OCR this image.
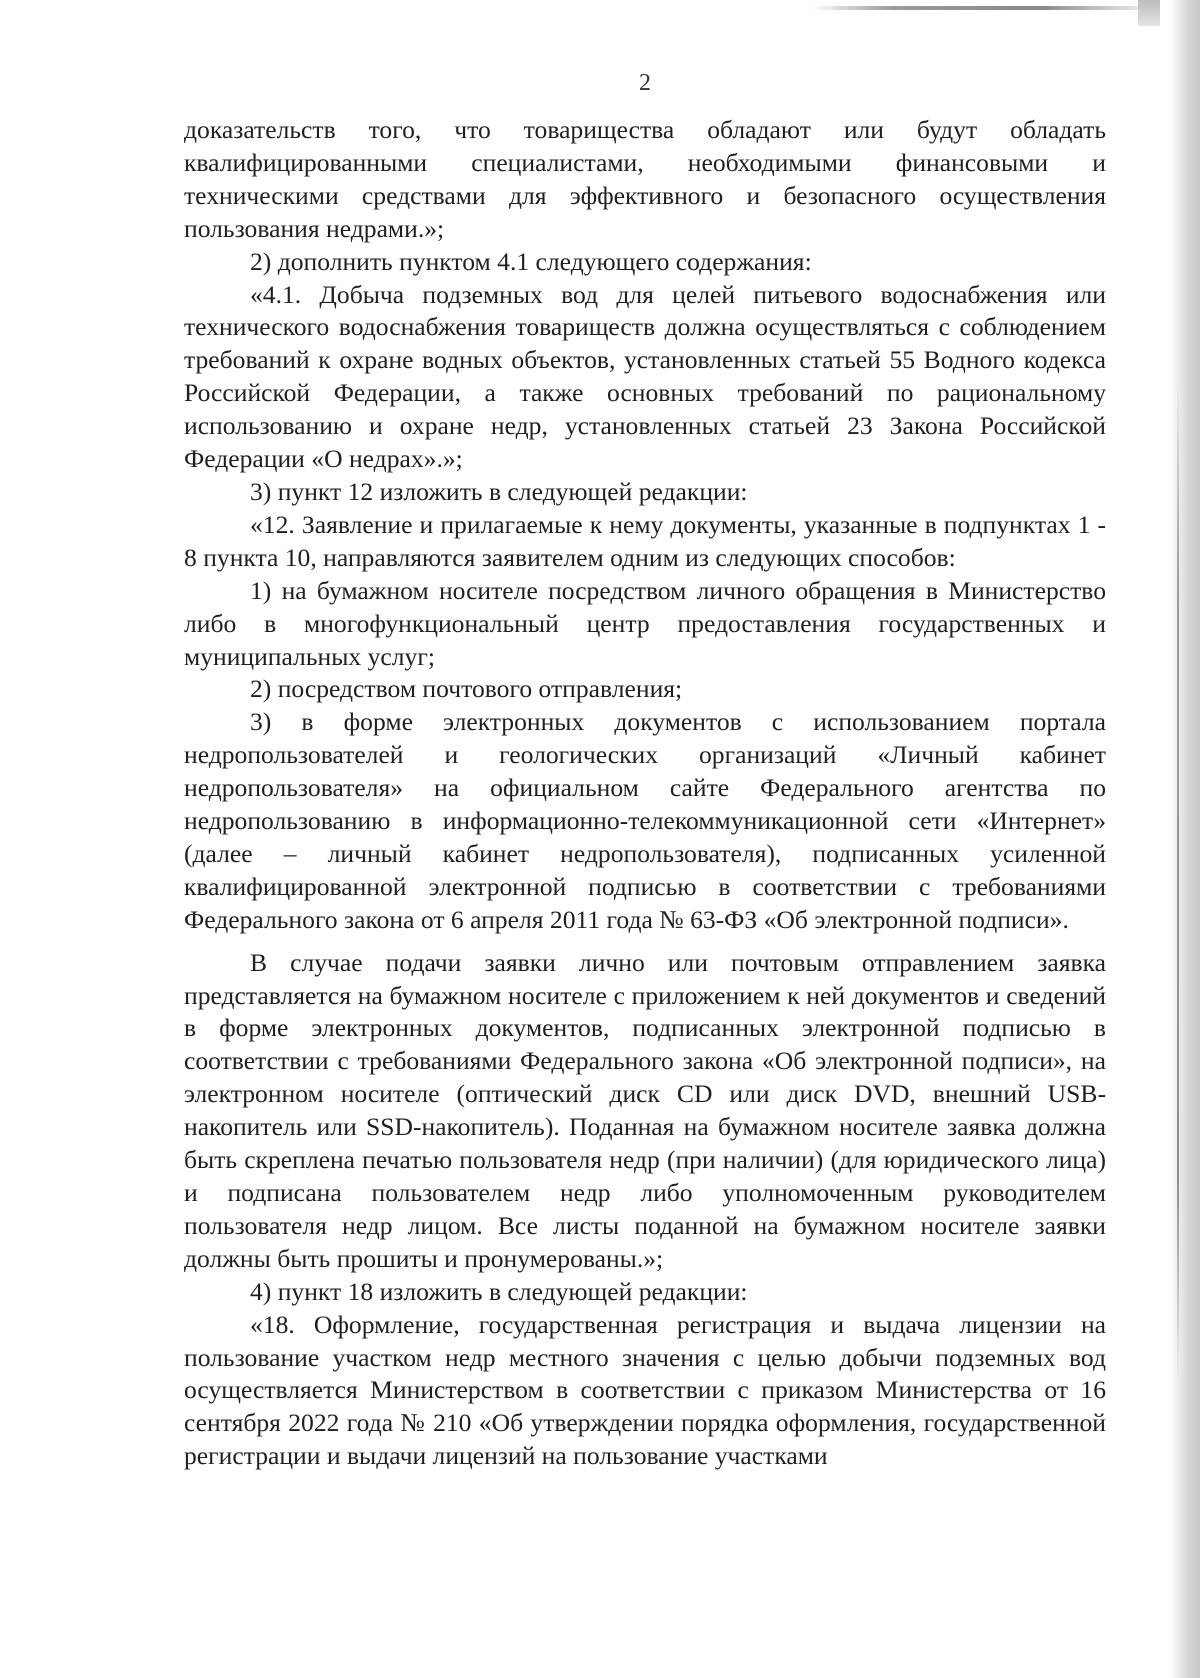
2

доказательств того, что товарищества обладают или будут обладать квалифицированными специалистами, необходимыми финансовыми и техническими средствами для эффективного и безопасного осуществления пользования недрами.»;

2) дополнить пунктом 4.1 следующего содержания:

«4.1. Добыча подземных вод для целей питьевого водоснабжения или технического водоснабжения товариществ должна осуществляться с соблюдением требований к охране водных объектов, установленных статьей 55 Водного кодекса Российской Федерации, а также основных требований по рациональному использованию и охране недр, установленных статьей 23 Закона Российской Федерации «О недрах».»;

3) пункт 12 изложить в следующей редакции:

«12. Заявление и прилагаемые к нему документы, указанные в подпунктах 1 - 8 пункта 10, направляются заявителем одним из следующих способов:

1) на бумажном носителе посредством личного обращения в Министерство либо в многофункциональный центр предоставления государственных и муниципальных услуг;

2) посредством почтового отправления;

3) в форме электронных документов с использованием портала недропользователей и геологических организаций «Личный кабинет недропользователя» на официальном сайте Федерального агентства по недропользованию в информационно-телекоммуникационной сети «Интернет» (далее – личный кабинет недропользователя), подписанных усиленной квалифицированной электронной подписью в соответствии с требованиями Федерального закона от 6 апреля 2011 года № 63-ФЗ «Об электронной подписи».

В случае подачи заявки лично или почтовым отправлением заявка представляется на бумажном носителе с приложением к ней документов и сведений в форме электронных документов, подписанных электронной подписью в соответствии с требованиями Федерального закона «Об электронной подписи», на электронном носителе (оптический диск CD или диск DVD, внешний USB-накопитель или SSD-накопитель). Поданная на бумажном носителе заявка должна быть скреплена печатью пользователя недр (при наличии) (для юридического лица) и подписана пользователем недр либо уполномоченным руководителем пользователя недр лицом. Все листы поданной на бумажном носителе заявки должны быть прошиты и пронумерованы.»;

4) пункт 18 изложить в следующей редакции:

«18. Оформление, государственная регистрация и выдача лицензии на пользование участком недр местного значения с целью добычи подземных вод осуществляется Министерством в соответствии с приказом Министерства от 16 сентября 2022 года № 210 «Об утверждении порядка оформления, государственной регистрации и выдачи лицензий на пользование участками
